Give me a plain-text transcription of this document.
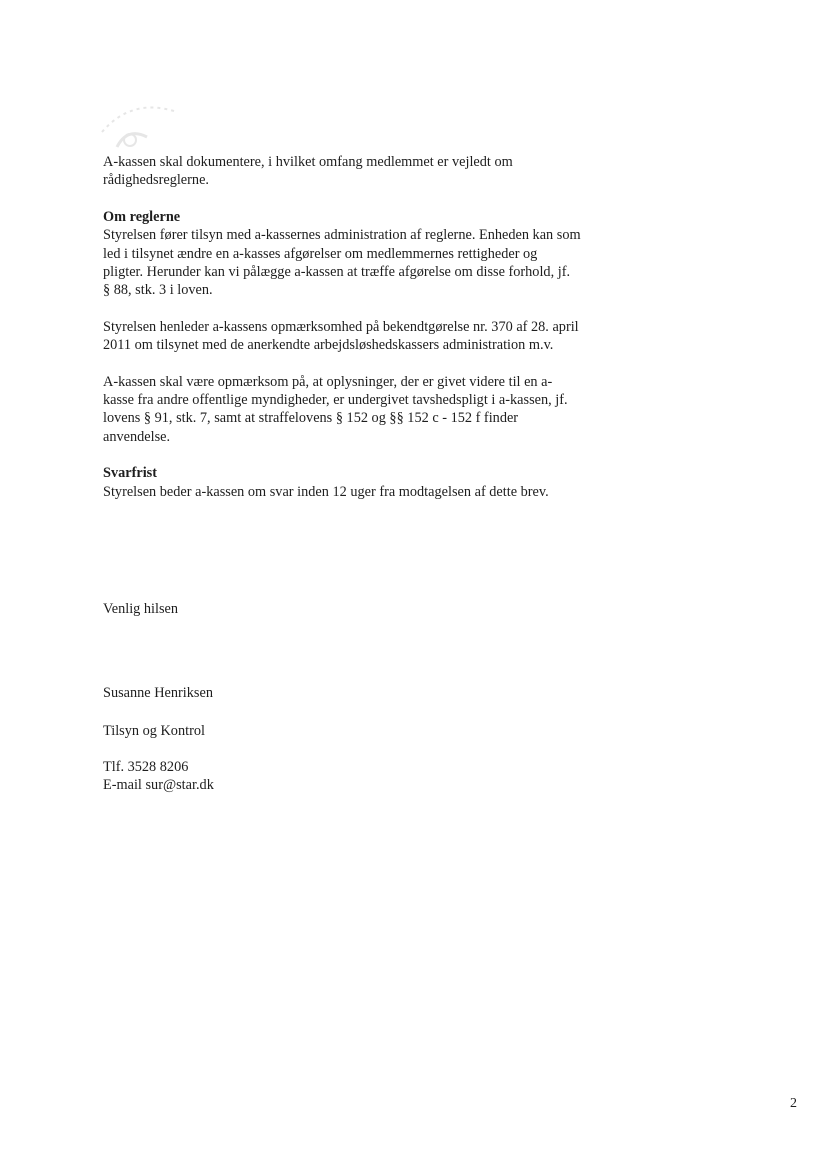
A-kassen skal dokumentere, i hvilket omfang medlemmet er vejledt om
rådighedsreglerne.

Om reglerne
Styrelsen fører tilsyn med a-kassernes administration af reglerne. Enheden kan som
led i tilsynet ændre en a-kasses afgørelser om medlemmernes rettigheder og
pligter. Herunder kan vi pålægge a-kassen at træffe afgørelse om disse forhold, jf.
§ 88, stk. 3 i loven.

Styrelsen henleder a-kassens opmærksomhed på bekendtgørelse nr. 370 af 28. april
2011 om tilsynet med de anerkendte arbejdsløshedskassers administration m.v.

A-kassen skal være opmærksom på, at oplysninger, der er givet videre til en a-
kasse fra andre offentlige myndigheder, er undergivet tavshedspligt i a-kassen, jf.
lovens § 91, stk. 7, samt at straffelovens § 152 og §§ 152 c - 152 f finder
anvendelse.

Svarfrist
Styrelsen beder a-kassen om svar inden 12 uger fra modtagelsen af dette brev.

Venlig hilsen
Susanne Henriksen
Tilsyn og Kontrol
Tlf. 3528 8206
E-mail sur@star.dk
2
